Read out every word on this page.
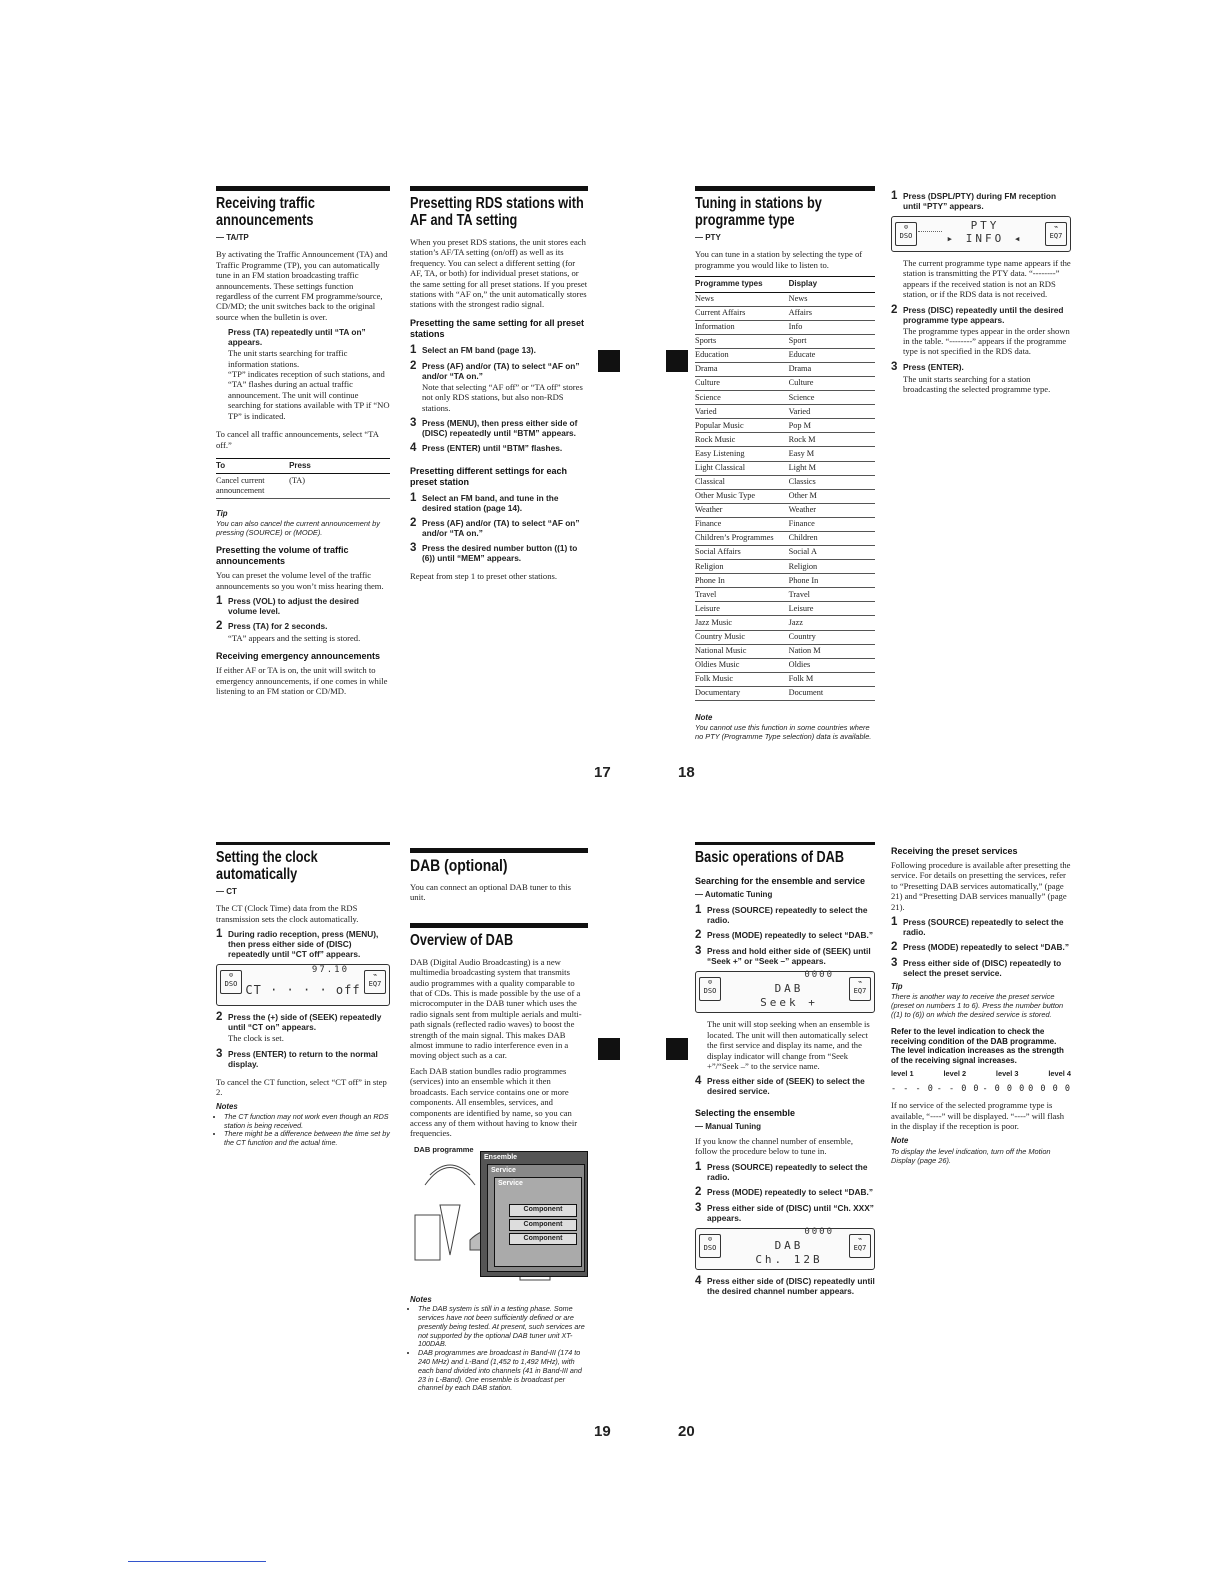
Receiving traffic announcements
— TA/TP

By activating the Traffic Announcement (TA) and Traffic Programme (TP), you can automatically tune in an FM station broadcasting traffic announcements. These settings function regardless of the current FM programme/source, CD/MD; the unit switches back to the original source when the bulletin is over.

Press (TA) repeatedly until “TA on” appears.

The unit starts searching for traffic information stations.

“TP” indicates reception of such stations, and “TA” flashes during an actual traffic announcement. The unit will continue searching for stations available with TP if “NO TP” is indicated.

To cancel all traffic announcements, select “TA off.”

To	Press
Cancel current announcement	(TA)
Tip
You can also cancel the current announcement by pressing (SOURCE) or (MODE).
Presetting the volume of traffic announcements

You can preset the volume level of the traffic announcements so you won’t miss hearing them.

1 Press (VOL) to adjust the desired volume level.
2 Press (TA) for 2 seconds.

“TA” appears and the setting is stored.

Receiving emergency announcements

If either AF or TA is on, the unit will switch to emergency announcements, if one comes in while listening to an FM station or CD/MD.

Presetting RDS stations with AF and TA setting

When you preset RDS stations, the unit stores each station’s AF/TA setting (on/off) as well as its frequency. You can select a different setting (for AF, TA, or both) for individual preset stations, or the same setting for all preset stations. If you preset stations with “AF on,” the unit automatically stores stations with the strongest radio signal.

Presetting the same setting for all preset stations
1 Select an FM band (page 13).
2 Press (AF) and/or (TA) to select “AF on” and/or “TA on.”

Note that selecting “AF off” or “TA off” stores not only RDS stations, but also non-RDS stations.

3 Press (MENU), then press either side of (DISC) repeatedly until “BTM” appears.
4 Press (ENTER) until “BTM” flashes.
Presetting different settings for each preset station
1 Select an FM band, and tune in the desired station (page 14).
2 Press (AF) and/or (TA) to select “AF on” and/or “TA on.”
3 Press the desired number button ((1) to (6)) until “MEM” appears.

Repeat from step 1 to preset other stations.

17	18
Tuning in stations by programme type
— PTY

You can tune in a station by selecting the type of programme you would like to listen to.

Programme types	Display
News	News
Current Affairs	Affairs
Information	Info
Sports	Sport
Education	Educate
Drama	Drama
Culture	Culture
Science	Science
Varied	Varied
Popular Music	Pop M
Rock Music	Rock M
Easy Listening	Easy M
Light Classical	Light M
Classical	Classics
Other Music Type	Other M
Weather	Weather
Finance	Finance
Children’s Programmes	Children
Social Affairs	Social A
Religion	Religion
Phone In	Phone In
Travel	Travel
Leisure	Leisure
Jazz Music	Jazz
Country Music	Country
National Music	Nation M
Oldies Music	Oldies
Folk Music	Folk M
Documentary	Document
Note
You cannot use this function in some countries where no PTY (Programme Type selection) data is available.
1 Press (DSPL/PTY) during FM reception until “PTY” appears.
⊙
DSO
PTY
▸ INFO ◂
⌁
EQ7

The current programme type name appears if the station is transmitting the PTY data. “--------” appears if the received station is not an RDS station, or if the RDS data is not received.

2 Press (DISC) repeatedly until the desired programme type appears.

The programme types appear in the order shown in the table. “--------” appears if the programme type is not specified in the RDS data.

3 Press (ENTER).

The unit starts searching for a station broadcasting the selected programme type.

Setting the clock automatically
— CT

The CT (Clock Time) data from the RDS transmission sets the clock automatically.

1 During radio reception, press (MENU), then press either side of (DISC) repeatedly until “CT off” appears.
⊙
DSO
97.10
CT · · · · off
⌁
EQ7
2 Press the (+) side of (SEEK) repeatedly until “CT on” appears.

The clock is set.

3 Press (ENTER) to return to the normal display.

To cancel the CT function, select “CT off” in step 2.

Notes
• The CT function may not work even though an RDS station is being received.
• There might be a difference between the time set by the CT function and the actual time.
DAB (optional)

You can connect an optional DAB tuner to this unit.

Overview of DAB

DAB (Digital Audio Broadcasting) is a new multimedia broadcasting system that transmits audio programmes with a quality comparable to that of CDs. This is made possible by the use of a microcomputer in the DAB tuner which uses the radio signals sent from multiple aerials and multi-path signals (reflected radio waves) to boost the strength of the main signal. This makes DAB almost immune to radio interference even in a moving object such as a car.

Each DAB station bundles radio programmes (services) into an ensemble which it then broadcasts. Each service contains one or more components. All ensembles, services, and components are identified by name, so you can access any of them without having to know their frequencies.

DAB programme
Ensemble
Service
Service
Component
Component
Component
Notes
• The DAB system is still in a testing phase. Some services have not been sufficiently defined or are presently being tested. At present, such services are not supported by the optional DAB tuner unit XT-100DAB.
• DAB programmes are broadcast in Band-III (174 to 240 MHz) and L-Band (1,452 to 1,492 MHz), with each band divided into channels (41 in Band-III and 23 in L-Band). One ensemble is broadcast per channel by each DAB station.
19	20
Basic operations of DAB
Searching for the ensemble and service
— Automatic Tuning
1 Press (SOURCE) repeatedly to select the radio.
2 Press (MODE) repeatedly to select “DAB.”
3 Press and hold either side of (SEEK) until “Seek +” or “Seek –” appears.
⊙
DSO
0000
DAB
Seek +
⌁
EQ7

The unit will stop seeking when an ensemble is located. The unit will then automatically select the first service and display its name, and the display indicator will change from “Seek +”/“Seek –” to the service name.

4 Press either side of (SEEK) to select the desired service.
Selecting the ensemble
— Manual Tuning

If you know the channel number of ensemble, follow the procedure below to tune in.

1 Press (SOURCE) repeatedly to select the radio.
2 Press (MODE) repeatedly to select “DAB.”
3 Press either side of (DISC) until “Ch. XXX” appears.
⊙
DSO
0000
DAB
Ch. 12B
⌁
EQ7
4 Press either side of (DISC) repeatedly until the desired channel number appears.
Receiving the preset services

Following procedure is available after presetting the service. For details on presetting the services, refer to “Presetting DAB services automatically,” (page 21) and “Presetting DAB services manually” (page 21).

1 Press (SOURCE) repeatedly to select the radio.
2 Press (MODE) repeatedly to select “DAB.”
3 Press either side of (DISC) repeatedly to select the preset service.
Tip
There is another way to receive the preset service (preset on numbers 1 to 6). Press the number button ((1) to (6)) on which the desired service is stored.
Refer to the level indication to check the receiving condition of the DAB programme. The level indication increases as the strength of the receiving signal increases.
level 1	level 2	level 3	level 4
- - - 0 - - 0 0 - 0 0 0 0 0 0 0

If no service of the selected programme type is available, “----” will be displayed. “----” will flash in the display if the reception is poor.

Note
To display the level indication, turn off the Motion Display (page 26).
